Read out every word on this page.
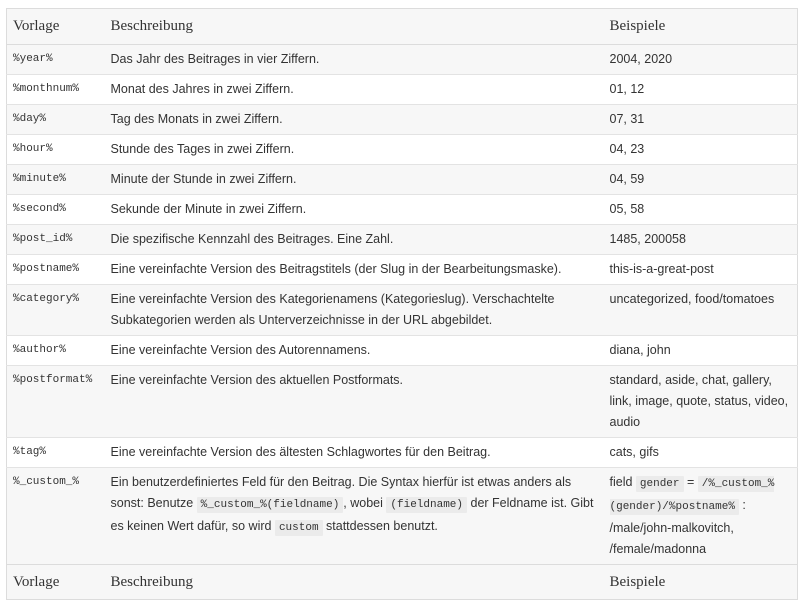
Vorlage	Beschreibung	Beispiele
%year%	Das Jahr des Beitrages in vier Ziffern.	2004, 2020
%monthnum%	Monat des Jahres in zwei Ziffern.	01, 12
%day%	Tag des Monats in zwei Ziffern.	07, 31
%hour%	Stunde des Tages in zwei Ziffern.	04, 23
%minute%	Minute der Stunde in zwei Ziffern.	04, 59
%second%	Sekunde der Minute in zwei Ziffern.	05, 58
%post_id%	Die spezifische Kennzahl des Beitrages. Eine Zahl.	1485, 200058
%postname%	Eine vereinfachte Version des Beitragstitels (der Slug in der Bearbeitungsmaske).	this-is-a-great-post
%category%	Eine vereinfachte Version des Kategorienamens (Kategorieslug). Verschachtelte Subkategorien werden als Unterverzeichnisse in der URL abgebildet.	uncategorized, food/tomatoes
%author%	Eine vereinfachte Version des Autorennamens.	diana, john
%postformat%	Eine vereinfachte Version des aktuellen Postformats.	standard, aside, chat, gallery, link, image, quote, status, video, audio
%tag%	Eine vereinfachte Version des ältesten Schlagwortes für den Beitrag.	cats, gifs
%_custom_%	Ein benutzerdefiniertes Feld für den Beitrag. Die Syntax hierfür ist etwas anders als sonst: Benutze %_custom_%(fieldname) , wobei (fieldname) der Feldname ist. Gibt es keinen Wert dafür, so wird custom stattdessen benutzt.	field gender = /%_custom_%(gender)/%postname% : /male/john-malkovitch, /female/madonna
Vorlage	Beschreibung	Beispiele
